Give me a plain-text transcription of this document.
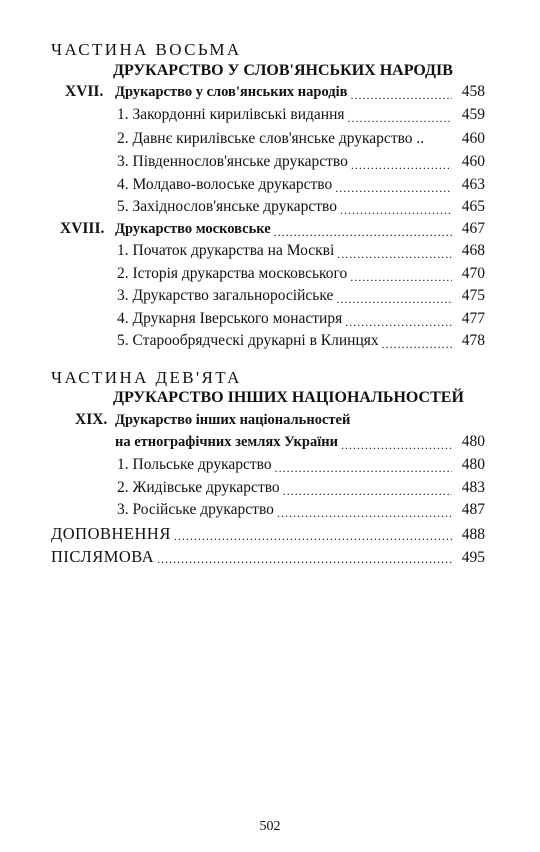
ЧАСТИНА ВОСЬМА
ДРУКАРСТВО У СЛОВ'ЯНСЬКИХ НАРОДІВ
XVII. Друкарство у слов'янських народів .....	458
1. Закордонні кирилівські видання .....	459
2. Давнє кирилівське слов'янське друкарство ..	460
3. Південнослов'янське друкарство .....	460
4. Молдаво-волоське друкарство .....	463
5. Західнослов'янське друкарство .....	465
XVIII. Друкарство московське .....	467
1. Початок друкарства на Москві .....	468
2. Історія друкарства московського .....	470
3. Друкарство загальноросійське .....	475
4. Друкарня Іверського монастиря .....	477
5. Старообрядческі друкарні в Клинцях .....	478
ЧАСТИНА ДЕВ'ЯТА
ДРУКАРСТВО ІНШИХ НАЦІОНАЛЬНОСТЕЙ
XIX. Друкарство інших національностей
на етнографічних землях України .....	480
1. Польське друкарство .....	480
2. Жидівське друкарство .....	483
3. Російське друкарство .....	487
ДОПОВНЕННЯ .....	488
ПІСЛЯМОВА .....	495
502
